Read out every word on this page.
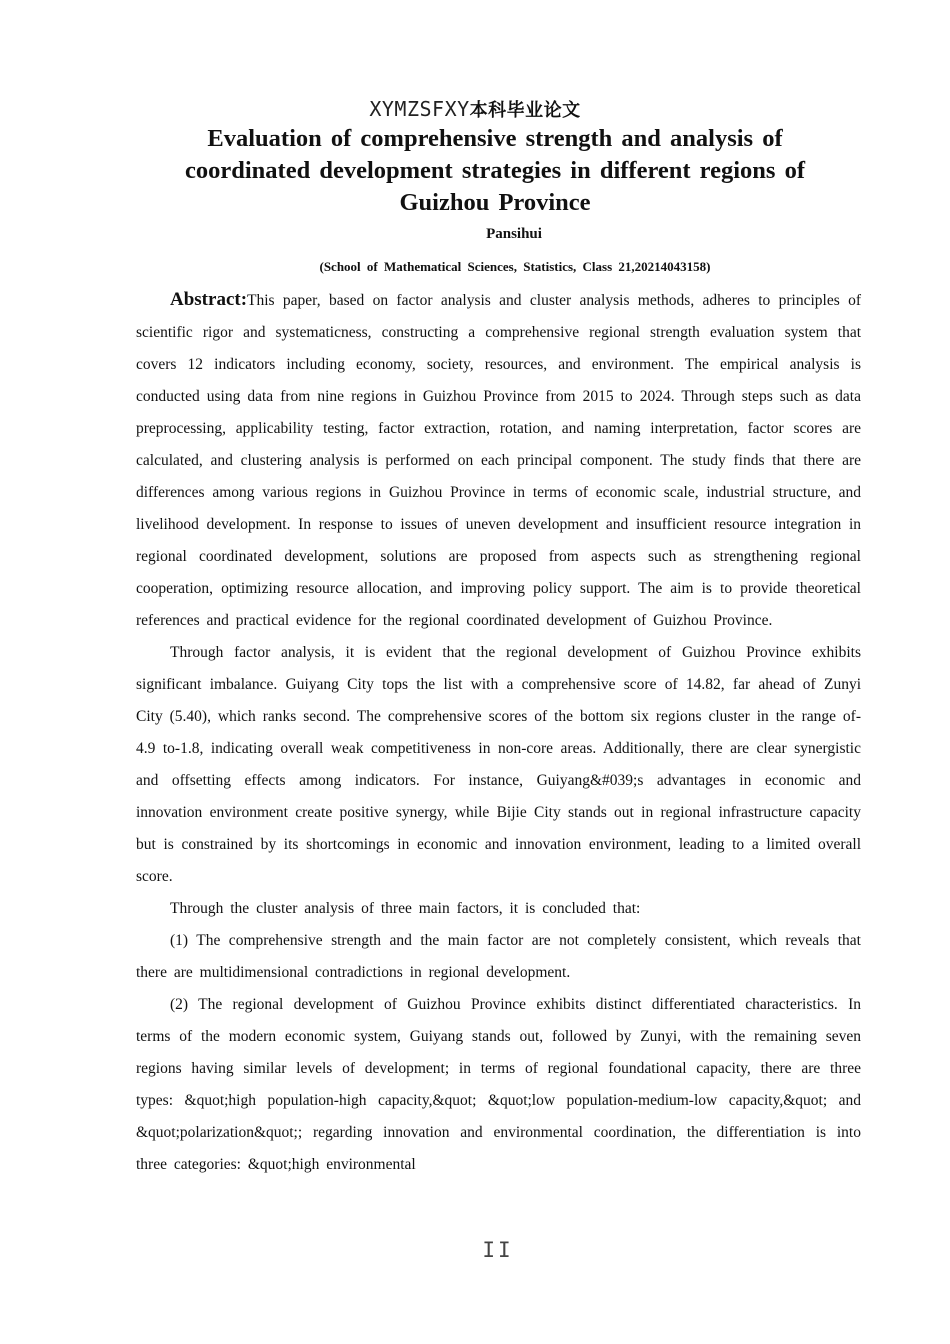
XYMZSFXY本科毕业论文
Evaluation of comprehensive strength and analysis of coordinated development strategies in different regions of Guizhou Province
Pansihui
(School of Mathematical Sciences, Statistics, Class 21,20214043158)

Abstract:This paper, based on factor analysis and cluster analysis methods, adheres to principles of scientific rigor and systematicness, constructing a comprehensive regional strength evaluation system that covers 12 indicators including economy, society, resources, and environment. The empirical analysis is conducted using data from nine regions in Guizhou Province from 2015 to 2024. Through steps such as data preprocessing, applicability testing, factor extraction, rotation, and naming interpretation, factor scores are calculated, and clustering analysis is performed on each principal component. The study finds that there are differences among various regions in Guizhou Province in terms of economic scale, industrial structure, and livelihood development. In response to issues of uneven development and insufficient resource integration in regional coordinated development, solutions are proposed from aspects such as strengthening regional cooperation, optimizing resource allocation, and improving policy support. The aim is to provide theoretical references and practical evidence for the regional coordinated development of Guizhou Province.

Through factor analysis, it is evident that the regional development of Guizhou Province exhibits significant imbalance. Guiyang City tops the list with a comprehensive score of 14.82, far ahead of Zunyi City (5.40), which ranks second. The comprehensive scores of the bottom six regions cluster in the range of-4.9 to-1.8, indicating overall weak competitiveness in non-core areas. Additionally, there are clear synergistic and offsetting effects among indicators. For instance, Guiyang&#039;s advantages in economic and innovation environment create positive synergy, while Bijie City stands out in regional infrastructure capacity but is constrained by its shortcomings in economic and innovation environment, leading to a limited overall score.

Through the cluster analysis of three main factors, it is concluded that:

(1) The comprehensive strength and the main factor are not completely consistent, which reveals that there are multidimensional contradictions in regional development.

(2) The regional development of Guizhou Province exhibits distinct differentiated characteristics. In terms of the modern economic system, Guiyang stands out, followed by Zunyi, with the remaining seven regions having similar levels of development; in terms of regional foundational capacity, there are three types: &quot;high population-high capacity,&quot; &quot;low population-medium-low capacity,&quot; and &quot;polarization&quot;; regarding innovation and environmental coordination, the differentiation is into three categories: &quot;high environmental

II
